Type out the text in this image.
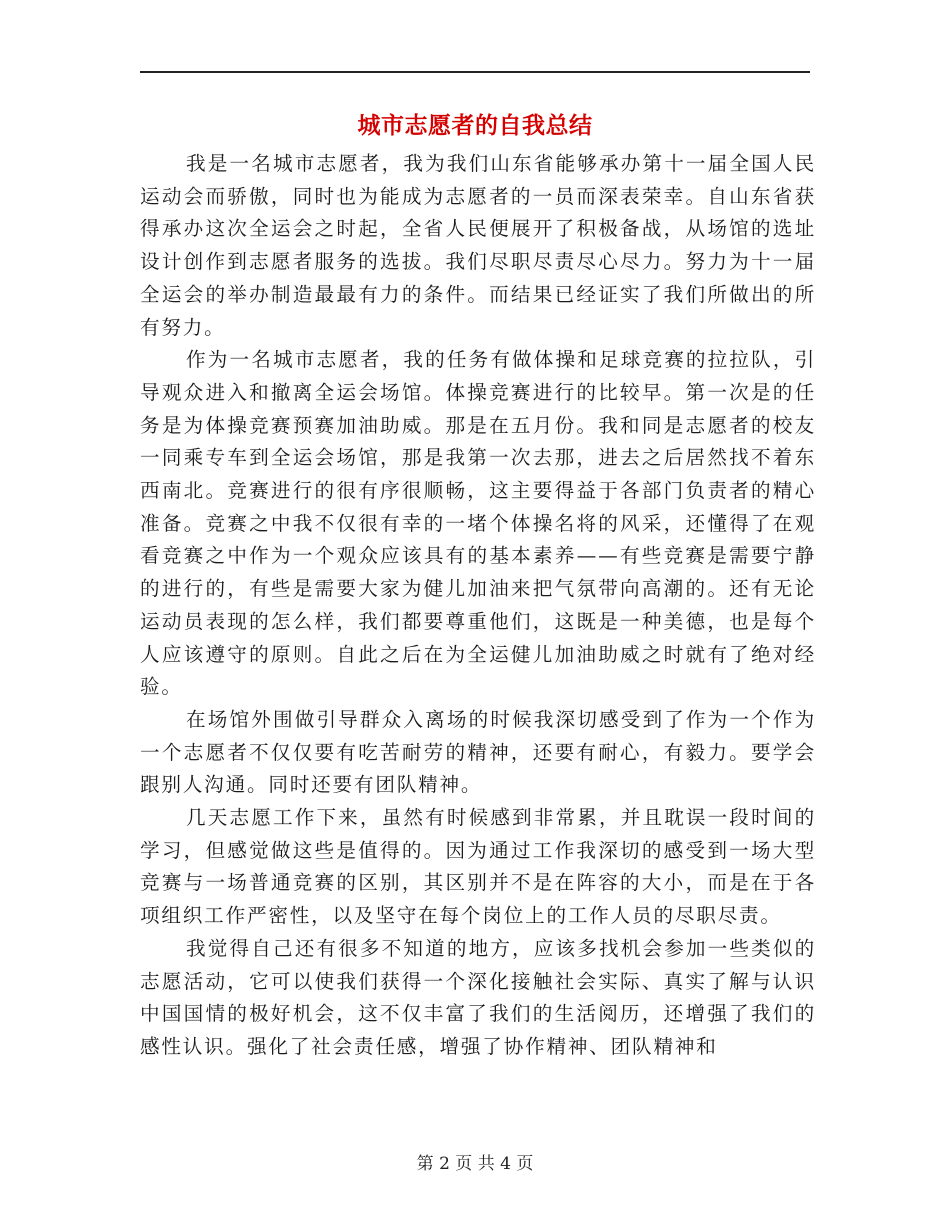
城市志愿者的自我总结

我是一名城市志愿者，我为我们山东省能够承办第十一届全国人民运动会而骄傲，同时也为能成为志愿者的一员而深表荣幸。自山东省获得承办这次全运会之时起，全省人民便展开了积极备战，从场馆的选址设计创作到志愿者服务的选拔。我们尽职尽责尽心尽力。努力为十一届全运会的举办制造最最有力的条件。而结果已经证实了我们所做出的所有努力。

作为一名城市志愿者，我的任务有做体操和足球竞赛的拉拉队，引导观众进入和撤离全运会场馆。体操竞赛进行的比较早。第一次是的任务是为体操竞赛预赛加油助威。那是在五月份。我和同是志愿者的校友一同乘专车到全运会场馆，那是我第一次去那，进去之后居然找不着东西南北。竞赛进行的很有序很顺畅，这主要得益于各部门负责者的精心准备。竞赛之中我不仅很有幸的一堵个体操名将的风采，还懂得了在观看竞赛之中作为一个观众应该具有的基本素养——有些竞赛是需要宁静的进行的，有些是需要大家为健儿加油来把气氛带向高潮的。还有无论运动员表现的怎么样，我们都要尊重他们，这既是一种美德，也是每个人应该遵守的原则。自此之后在为全运健儿加油助威之时就有了绝对经验。

在场馆外围做引导群众入离场的时候我深切感受到了作为一个作为一个志愿者不仅仅要有吃苦耐劳的精神，还要有耐心，有毅力。要学会跟别人沟通。同时还要有团队精神。

几天志愿工作下来，虽然有时候感到非常累，并且耽误一段时间的学习，但感觉做这些是值得的。因为通过工作我深切的感受到一场大型竞赛与一场普通竞赛的区别，其区别并不是在阵容的大小，而是在于各项组织工作严密性，以及坚守在每个岗位上的工作人员的尽职尽责。

我觉得自己还有很多不知道的地方，应该多找机会参加一些类似的志愿活动，它可以使我们获得一个深化接触社会实际、真实了解与认识中国国情的极好机会，这不仅丰富了我们的生活阅历，还增强了我们的感性认识。强化了社会责任感，增强了协作精神、团队精神和

第 2 页 共 4 页
